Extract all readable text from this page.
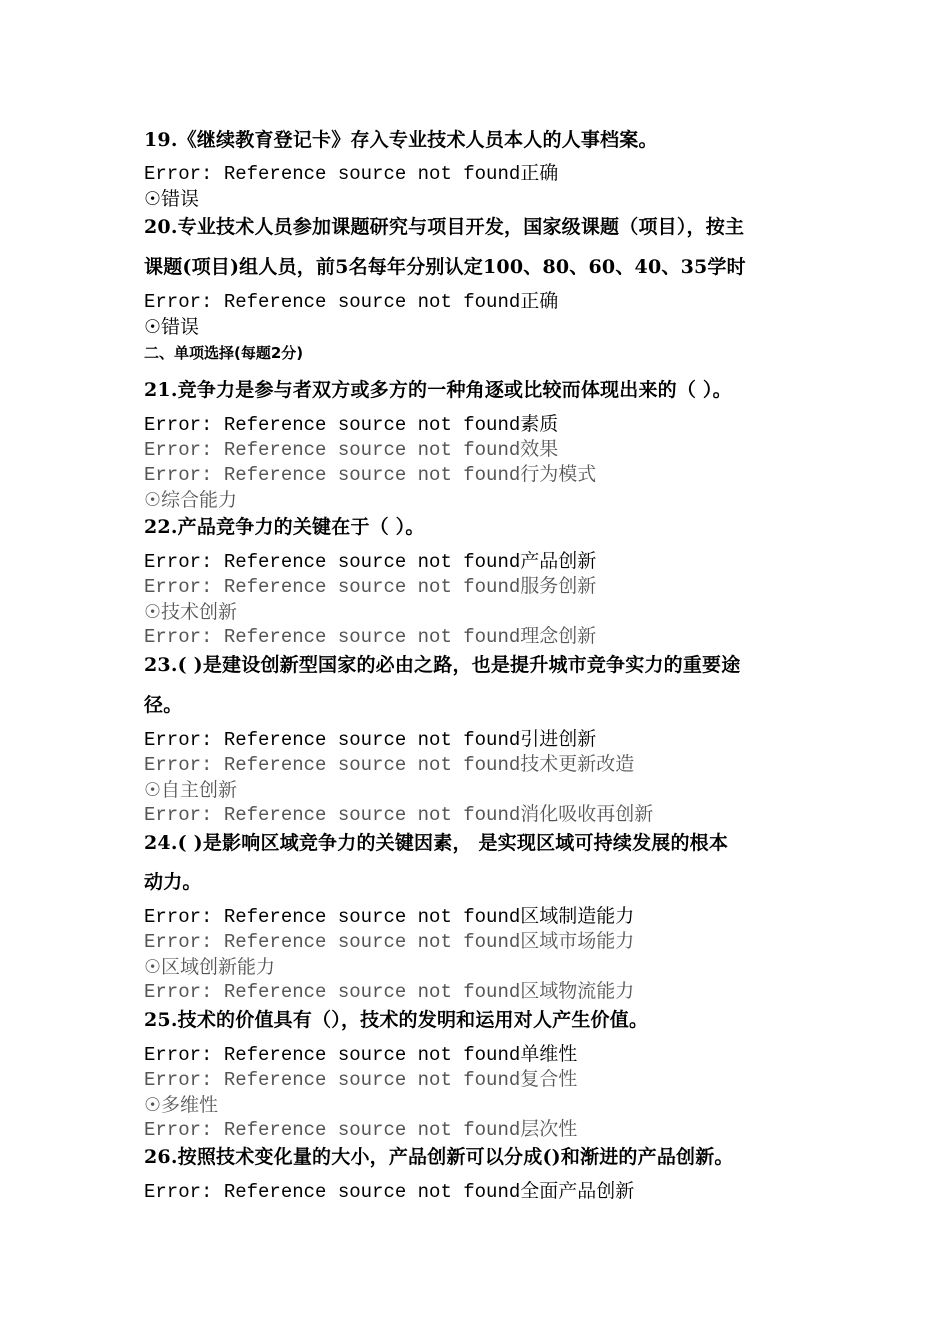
19.《继续教育登记卡》存入专业技术人员本人的人事档案。
Error: Reference source not found正确
☉错误
20.专业技术人员参加课题研究与项目开发，国家级课题（项目），按主
课题(项目)组人员，前5名每年分别认定100、80、60、40、35学时
Error: Reference source not found正确
☉错误
二、单项选择(每题2分)
21.竞争力是参与者双方或多方的一种角逐或比较而体现出来的（ ）。
Error: Reference source not found素质
Error: Reference source not found效果
Error: Reference source not found行为模式
☉综合能力
22.产品竞争力的关键在于（ ）。
Error: Reference source not found产品创新
Error: Reference source not found服务创新
☉技术创新
Error: Reference source not found理念创新
23.( )是建设创新型国家的必由之路，也是提升城市竞争实力的重要途
径。
Error: Reference source not found引进创新
Error: Reference source not found技术更新改造
☉自主创新
Error: Reference source not found消化吸收再创新
24.( )是影响区域竞争力的关键因素， 是实现区域可持续发展的根本
动力。
Error: Reference source not found区域制造能力
Error: Reference source not found区域市场能力
☉区域创新能力
Error: Reference source not found区域物流能力
25.技术的价值具有（），技术的发明和运用对人产生价值。
Error: Reference source not found单维性
Error: Reference source not found复合性
☉多维性
Error: Reference source not found层次性
26.按照技术变化量的大小，产品创新可以分成()和渐进的产品创新。
Error: Reference source not found全面产品创新
